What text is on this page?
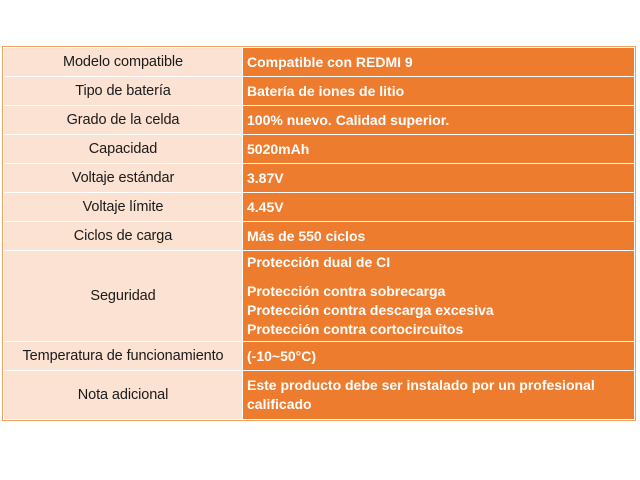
Modelo compatible	Compatible con REDMI 9
Tipo de batería	Batería de iones de litio
Grado de la celda	100% nuevo. Calidad superior.
Capacidad	5020mAh
Voltaje estándar	3.87V
Voltaje límite	4.45V
Ciclos de carga	Más de 550 ciclos
Seguridad	Protección dual de CI
Protección contra sobrecarga
Protección contra descarga excesiva
Protección contra cortocircuitos

Temperatura de funcionamiento	(-10~50°C)
Nota adicional	Este producto debe ser instalado por un profesional calificado
